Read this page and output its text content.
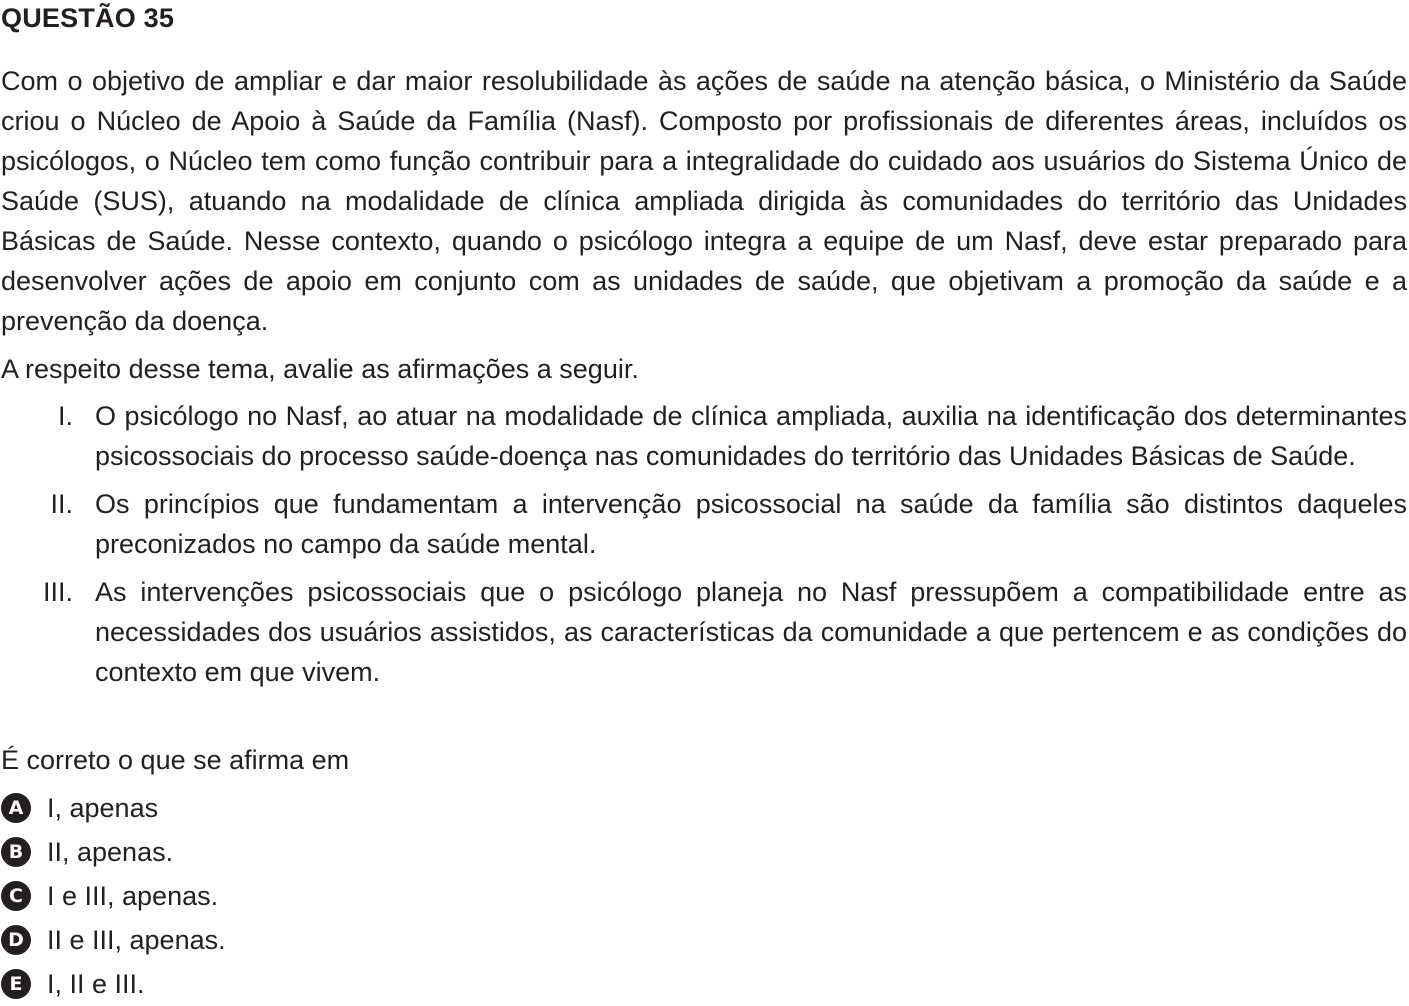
QUESTÃO 35

Com o objetivo de ampliar e dar maior resolubilidade às ações de saúde na atenção básica, o Ministério da Saúde criou o Núcleo de Apoio à Saúde da Família (Nasf). Composto por profissionais de diferentes áreas, incluídos os psicólogos, o Núcleo tem como função contribuir para a integralidade do cuidado aos usuários do Sistema Único de Saúde (SUS), atuando na modalidade de clínica ampliada dirigida às comunidades do território das Unidades Básicas de Saúde. Nesse contexto, quando o psicólogo integra a equipe de um Nasf, deve estar preparado para desenvolver ações de apoio em conjunto com as unidades de saúde, que objetivam a promoção da saúde e a prevenção da doença.

A respeito desse tema, avalie as afirmações a seguir.

I. O psicólogo no Nasf, ao atuar na modalidade de clínica ampliada, auxilia na identificação dos determinantes psicossociais do processo saúde-doença nas comunidades do território das Unidades Básicas de Saúde.
II. Os princípios que fundamentam a intervenção psicossocial na saúde da família são distintos daqueles preconizados no campo da saúde mental.
III. As intervenções psicossociais que o psicólogo planeja no Nasf pressupõem a compatibilidade entre as necessidades dos usuários assistidos, as características da comunidade a que pertencem e as condições do contexto em que vivem.

É correto o que se afirma em

A I, apenas
B II, apenas.
C I e III, apenas.
D II e III, apenas.
E I, II e III.
